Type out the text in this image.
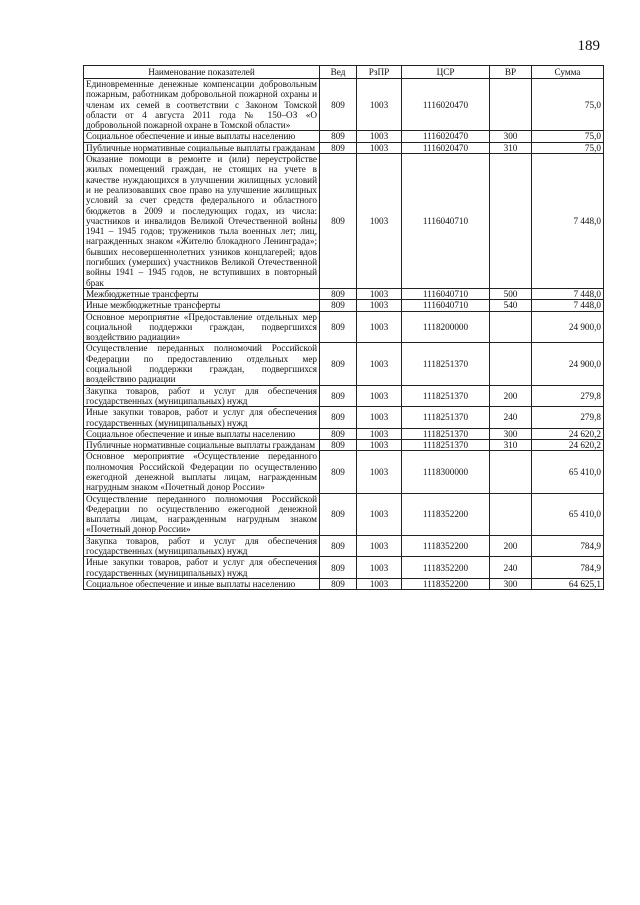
189
Наименование показателей	Вед	РзПР	ЦСР	ВР	Сумма
Единовременные денежные компенсации добровольным пожарным, работникам добровольной пожарной охраны и членам их семей в соответствии с Законом Томской области от 4 августа 2011 года № 150–ОЗ «О добровольной пожарной охране в Томской области»	809	1003	1116020470		75,0
Социальное обеспечение и иные выплаты населению	809	1003	1116020470	300	75,0
Публичные нормативные социальные выплаты гражданам	809	1003	1116020470	310	75,0
Оказание помощи в ремонте и (или) переустройстве жилых помещений граждан, не стоящих на учете в качестве нуждающихся в улучшении жилищных условий и не реализовавших свое право на улучшение жилищных условий за счет средств федерального и областного бюджетов в 2009 и последующих годах, из числа: участников и инвалидов Великой Отечественной войны 1941 – 1945 годов; тружеников тыла военных лет; лиц, награжденных знаком «Жителю блокадного Ленинграда»; бывших несовершеннолетних узников концлагерей; вдов погибших (умерших) участников Великой Отечественной войны 1941 – 1945 годов, не вступивших в повторный брак	809	1003	1116040710		7 448,0
Межбюджетные трансферты	809	1003	1116040710	500	7 448,0
Иные межбюджетные трансферты	809	1003	1116040710	540	7 448,0
Основное мероприятие «Предоставление отдельных мер социальной поддержки граждан, подвергшихся воздействию радиации»	809	1003	1118200000		24 900,0
Осуществление переданных полномочий Российской Федерации по предоставлению отдельных мер социальной поддержки граждан, подвергшихся воздействию радиации	809	1003	1118251370		24 900,0
Закупка товаров, работ и услуг для обеспечения государственных (муниципальных) нужд	809	1003	1118251370	200	279,8
Иные закупки товаров, работ и услуг для обеспечения государственных (муниципальных) нужд	809	1003	1118251370	240	279,8
Социальное обеспечение и иные выплаты населению	809	1003	1118251370	300	24 620,2
Публичные нормативные социальные выплаты гражданам	809	1003	1118251370	310	24 620,2
Основное мероприятие «Осуществление переданного полномочия Российской Федерации по осуществлению ежегодной денежной выплаты лицам, награжденным нагрудным знаком «Почетный донор России»	809	1003	1118300000		65 410,0
Осуществление переданного полномочия Российской Федерации по осуществлению ежегодной денежной выплаты лицам, награжденным нагрудным знаком «Почетный донор России»	809	1003	1118352200		65 410,0
Закупка товаров, работ и услуг для обеспечения государственных (муниципальных) нужд	809	1003	1118352200	200	784,9
Иные закупки товаров, работ и услуг для обеспечения государственных (муниципальных) нужд	809	1003	1118352200	240	784,9
Социальное обеспечение и иные выплаты населению	809	1003	1118352200	300	64 625,1
